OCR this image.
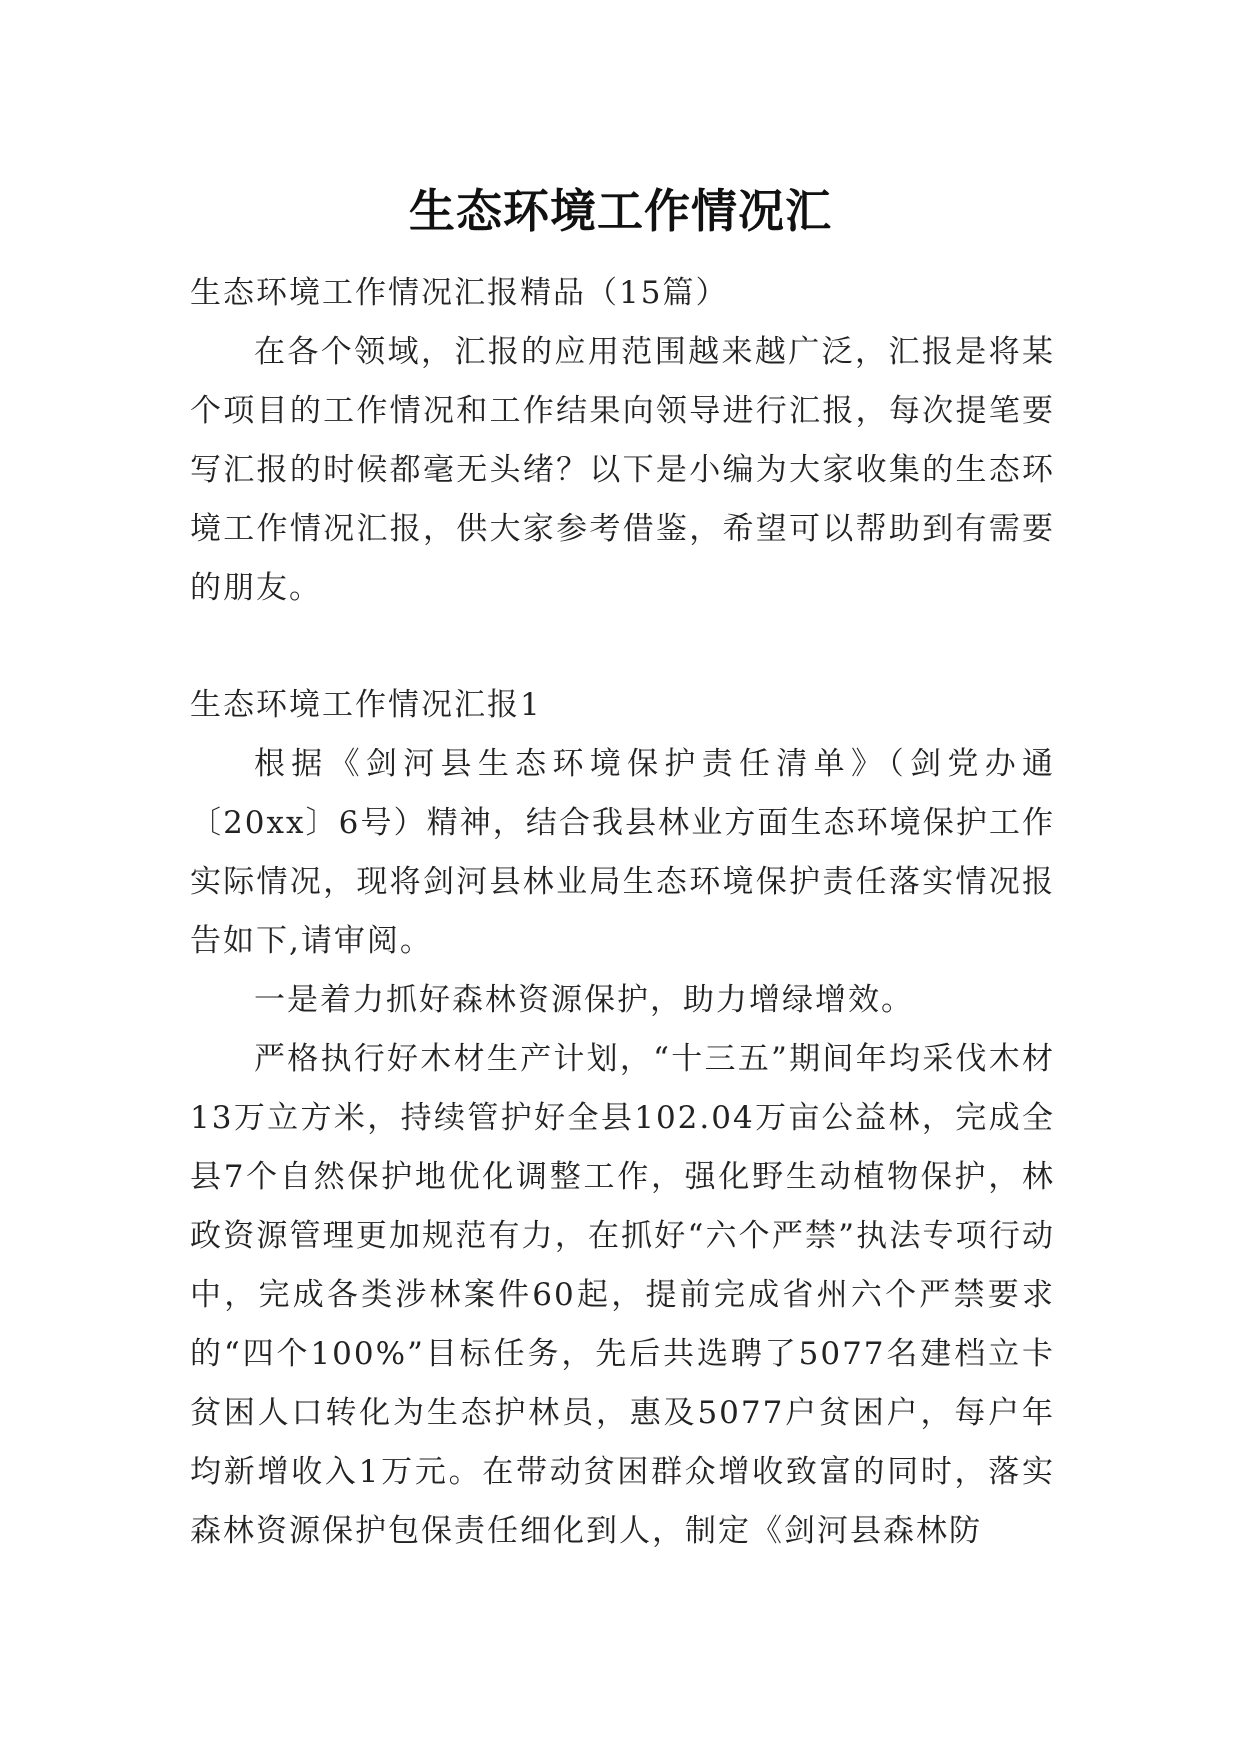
生态环境工作情况汇

生态环境工作情况汇报精品（15篇）

在各个领域，汇报的应用范围越来越广泛，汇报是将某个项目的工作情况和工作结果向领导进行汇报，每次提笔要写汇报的时候都毫无头绪？以下是小编为大家收集的生态环境工作情况汇报，供大家参考借鉴，希望可以帮助到有需要的朋友。

生态环境工作情况汇报1

根据《剑河县生态环境保护责任清单》（剑党办通〔20xx〕6号）精神，结合我县林业方面生态环境保护工作实际情况，现将剑河县林业局生态环境保护责任落实情况报告如下,请审阅。

一是着力抓好森林资源保护，助力增绿增效。

严格执行好木材生产计划，“十三五”期间年均采伐木材13万立方米，持续管护好全县102.04万亩公益林，完成全县7个自然保护地优化调整工作，强化野生动植物保护，林政资源管理更加规范有力，在抓好“六个严禁”执法专项行动中，完成各类涉林案件60起，提前完成省州六个严禁要求的“四个100%”目标任务，先后共选聘了5077名建档立卡贫困人口转化为生态护林员，惠及5077户贫困户，每户年均新增收入1万元。在带动贫困群众增收致富的同时，落实森林资源保护包保责任细化到人，制定《剑河县森林防
